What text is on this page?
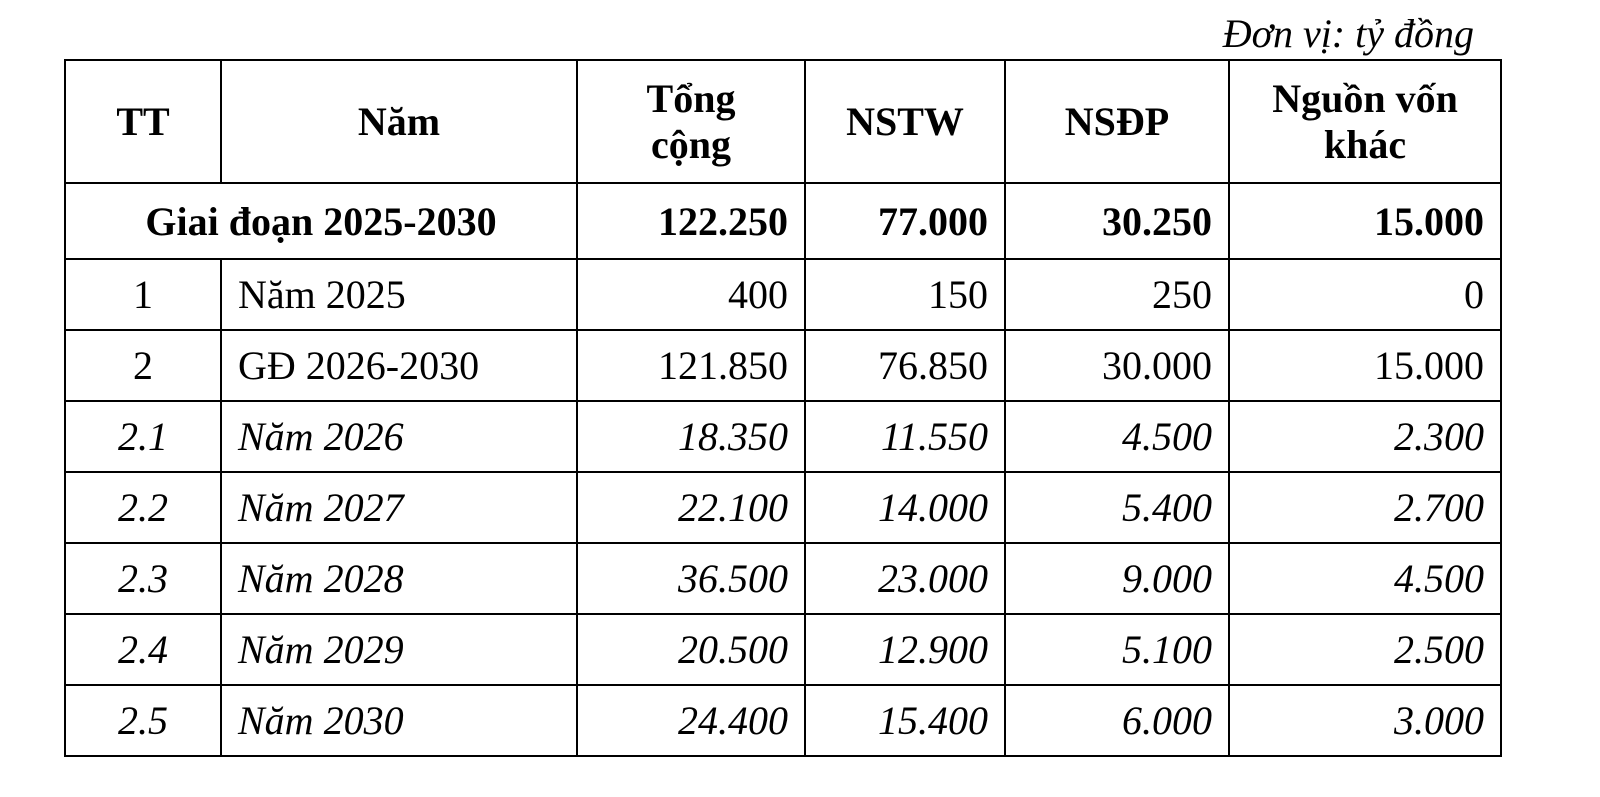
Đơn vị: tỷ đồng
TT	Năm	Tổng cộng	NSTW	NSĐP	Nguồn vốn khác
Giai đoạn 2025-2030		122.250	77.000	30.250	15.000
1	Năm 2025	400	150	250	0
2	GĐ 2026-2030	121.850	76.850	30.000	15.000
2.1	Năm 2026	18.350	11.550	4.500	2.300
2.2	Năm 2027	22.100	14.000	5.400	2.700
2.3	Năm 2028	36.500	23.000	9.000	4.500
2.4	Năm 2029	20.500	12.900	5.100	2.500
2.5	Năm 2030	24.400	15.400	6.000	3.000
